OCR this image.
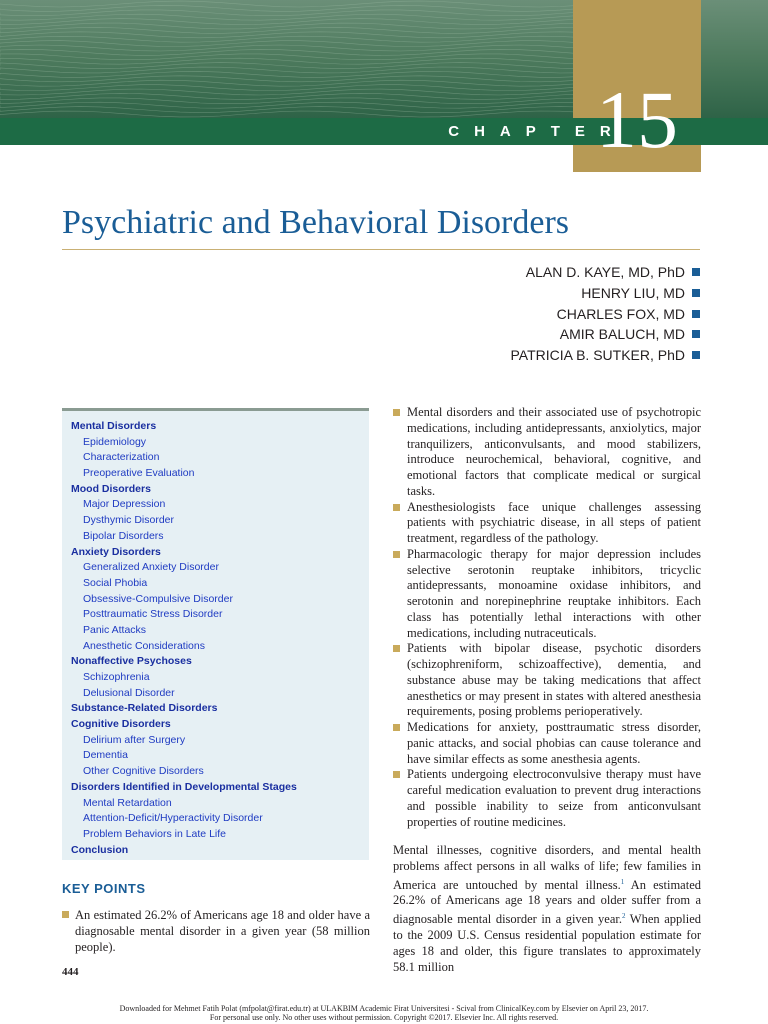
CHAPTER
15
Psychiatric and Behavioral Disorders
ALAN D. KAYE, MD, PhD
HENRY LIU, MD
CHARLES FOX, MD
AMIR BALUCH, MD
PATRICIA B. SUTKER, PhD
Mental Disorders
Epidemiology
Characterization
Preoperative Evaluation
Mood Disorders
Major Depression
Dysthymic Disorder
Bipolar Disorders
Anxiety Disorders
Generalized Anxiety Disorder
Social Phobia
Obsessive-Compulsive Disorder
Posttraumatic Stress Disorder
Panic Attacks
Anesthetic Considerations
Nonaffective Psychoses
Schizophrenia
Delusional Disorder
Substance-Related Disorders
Cognitive Disorders
Delirium after Surgery
Dementia
Other Cognitive Disorders
Disorders Identified in Developmental Stages
Mental Retardation
Attention-Deficit/Hyperactivity Disorder
Problem Behaviors in Late Life
Conclusion
KEY POINTS
An estimated 26.2% of Americans age 18 and older have a diagnosable mental disorder in a given year (58 million people).
Mental disorders and their associated use of psychotropic medications, including antidepressants, anxiolytics, major tranquilizers, anticonvulsants, and mood stabilizers, introduce neurochemical, behavioral, cognitive, and emotional factors that complicate medical or surgical tasks.
Anesthesiologists face unique challenges assessing patients with psychiatric disease, in all steps of patient treatment, regardless of the pathology.
Pharmacologic therapy for major depression includes selective serotonin reuptake inhibitors, tricyclic antidepressants, monoamine oxidase inhibitors, and serotonin and norepinephrine reuptake inhibitors. Each class has potentially lethal interactions with other medications, including nutraceuticals.
Patients with bipolar disease, psychotic disorders (schizophreniform, schizoaffective), dementia, and substance abuse may be taking medications that affect anesthetics or may present in states with altered anesthesia requirements, posing problems perioperatively.
Medications for anxiety, posttraumatic stress disorder, panic attacks, and social phobias can cause tolerance and have similar effects as some anesthesia agents.
Patients undergoing electroconvulsive therapy must have careful medication evaluation to prevent drug interactions and possible inability to seize from anticonvulsant properties of routine medicines.

Mental illnesses, cognitive disorders, and mental health problems affect persons in all walks of life; few families in America are untouched by mental illness.$^1$ An estimated 26.2% of Americans age 18 years and older suffer from a diagnosable mental disorder in a given year.$^2$ When applied to the 2009 U.S. Census residential population estimate for ages 18 and older, this figure translates to approximately 58.1 million

444
Downloaded for Mehmet Fatih Polat (mfpolat@firat.edu.tr) at ULAKBIM Academic Firat Universitesi - Scival from ClinicalKey.com by Elsevier on April 23, 2017.
For personal use only. No other uses without permission. Copyright ©2017. Elsevier Inc. All rights reserved.
